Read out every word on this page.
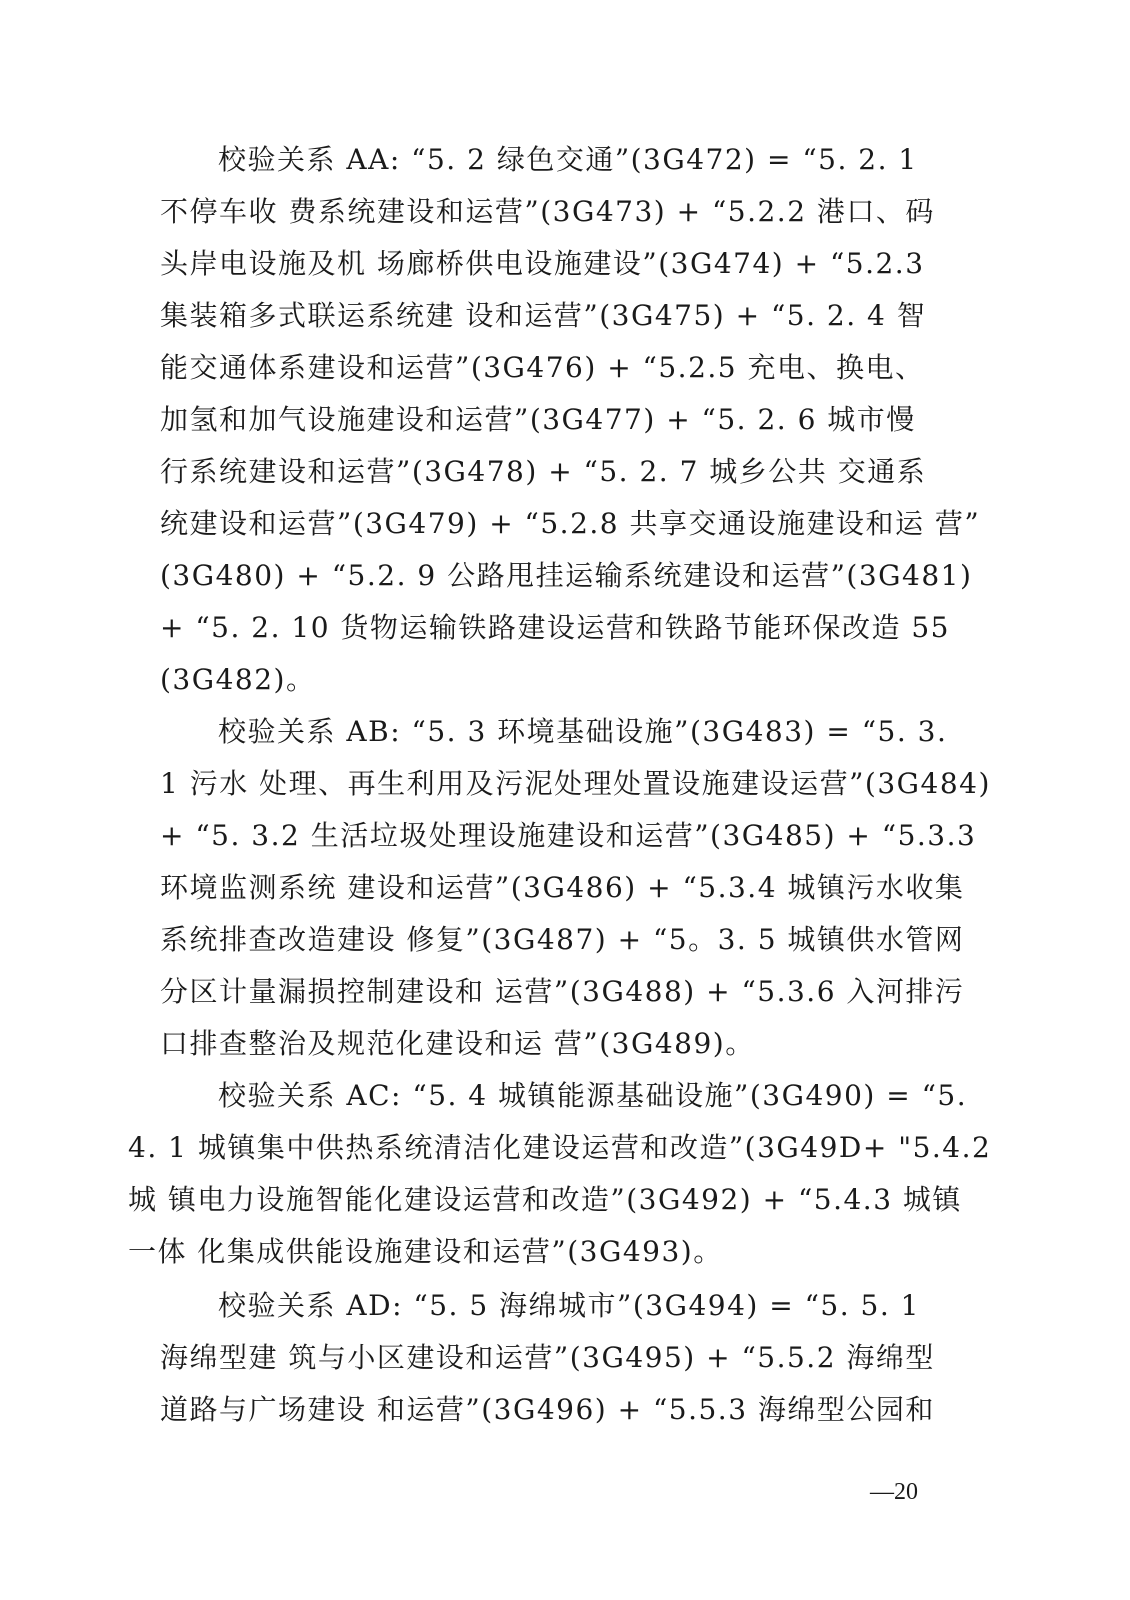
校验关系 AA: “5. 2 绿色交通”(3G472) = “5. 2. 1
不停车收 费系统建设和运营”(3G473) + “5.2.2 港口、码
头岸电设施及机 场廊桥供电设施建设”(3G474) + “5.2.3
集装箱多式联运系统建 设和运营”(3G475) + “5. 2. 4 智
能交通体系建设和运营”(3G476) + “5.2.5 充电、换电、
加氢和加气设施建设和运营”(3G477) + “5. 2. 6 城市慢
行系统建设和运营”(3G478) + “5. 2. 7 城乡公共 交通系
统建设和运营”(3G479) + “5.2.8 共享交通设施建设和运 营”
(3G480) + “5.2. 9 公路甩挂运输系统建设和运营”(3G481)
+ “5. 2. 10 货物运输铁路建设运营和铁路节能环保改造 55
(3G482)。
校验关系 AB: “5. 3 环境基础设施”(3G483) = “5. 3.
1 污水 处理、再生利用及污泥处理处置设施建设运营”(3G484)
+ “5. 3.2 生活垃圾处理设施建设和运营”(3G485) + “5.3.3
环境监测系统 建设和运营”(3G486) + “5.3.4 城镇污水收集
系统排查改造建设 修复”(3G487) + “5。3. 5 城镇供水管网
分区计量漏损控制建设和 运营”(3G488) + “5.3.6 入河排污
口排查整治及规范化建设和运 营”(3G489)。
校验关系 AC: “5. 4 城镇能源基础设施”(3G490) = “5.
4. 1 城镇集中供热系统清洁化建设运营和改造”(3G49D+ "5.4.2
城 镇电力设施智能化建设运营和改造”(3G492) + “5.4.3 城镇
一体 化集成供能设施建设和运营”(3G493)。
校验关系 AD: “5. 5 海绵城市”(3G494) = “5. 5. 1
海绵型建 筑与小区建设和运营”(3G495) + “5.5.2 海绵型
道路与广场建设 和运营”(3G496) + “5.5.3 海绵型公园和
—20
